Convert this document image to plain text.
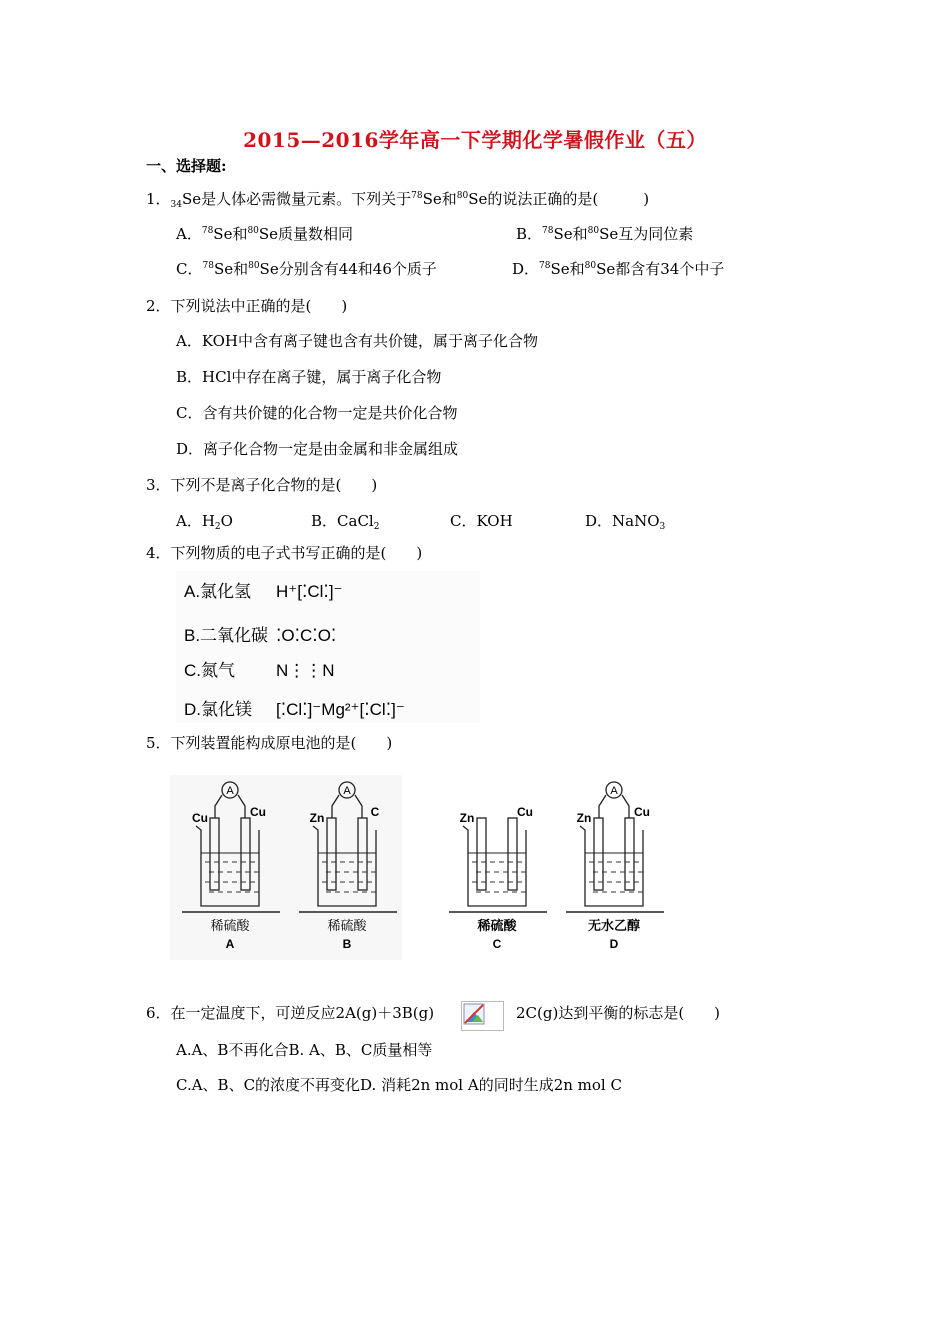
2015—2016学年高一下学期化学暑假作业（五）
一、选择题:
1．$_{34}$Se是人体必需微量元素。下列关于$^{78}$Se和$^{80}$Se的说法正确的是(　　　)
A．$^{78}$Se和$^{80}$Se质量数相同	B．$^{78}$Se和$^{80}$Se互为同位素
C．$^{78}$Se和$^{80}$Se分别含有44和46个质子	D．$^{78}$Se和$^{80}$Se都含有34个中子
2．下列说法中正确的是(　　)
A．KOH中含有离子键也含有共价键，属于离子化合物
B．HCl中存在离子键，属于离子化合物
C．含有共价键的化合物一定是共价化合物
D．离子化合物一定是由金属和非金属组成
3．下列不是离子化合物的是(　　)
A．$H_2O$	B．CaCl$_2$	C．KOH	D．NaNO$_3$
4．下列物质的电子式书写正确的是(　　)
A.氯化氢 H⁺[⁚Cl⁚]⁻
B.二氧化碳 ⁚O⁚C⁚O⁚
C.氮气 N⋮⋮N
D.氯化镁 [⁚Cl⁚]⁻Mg²⁺[⁚Cl⁚]⁻
5．下列装置能构成原电池的是(　　)
A
Cu	Cu
稀硫酸
A
A
Zn	C
稀硫酸
B
Zn	Cu
稀硫酸
C
A
Zn	Cu
无水乙醇
D
6．在一定温度下，可逆反应2A(g)＋3B(g)	2C(g)达到平衡的标志是(　　)
A.A、B不再化合B. A、B、C质量相等
C.A、B、C的浓度不再变化D. 消耗2n mol A的同时生成2n mol C
